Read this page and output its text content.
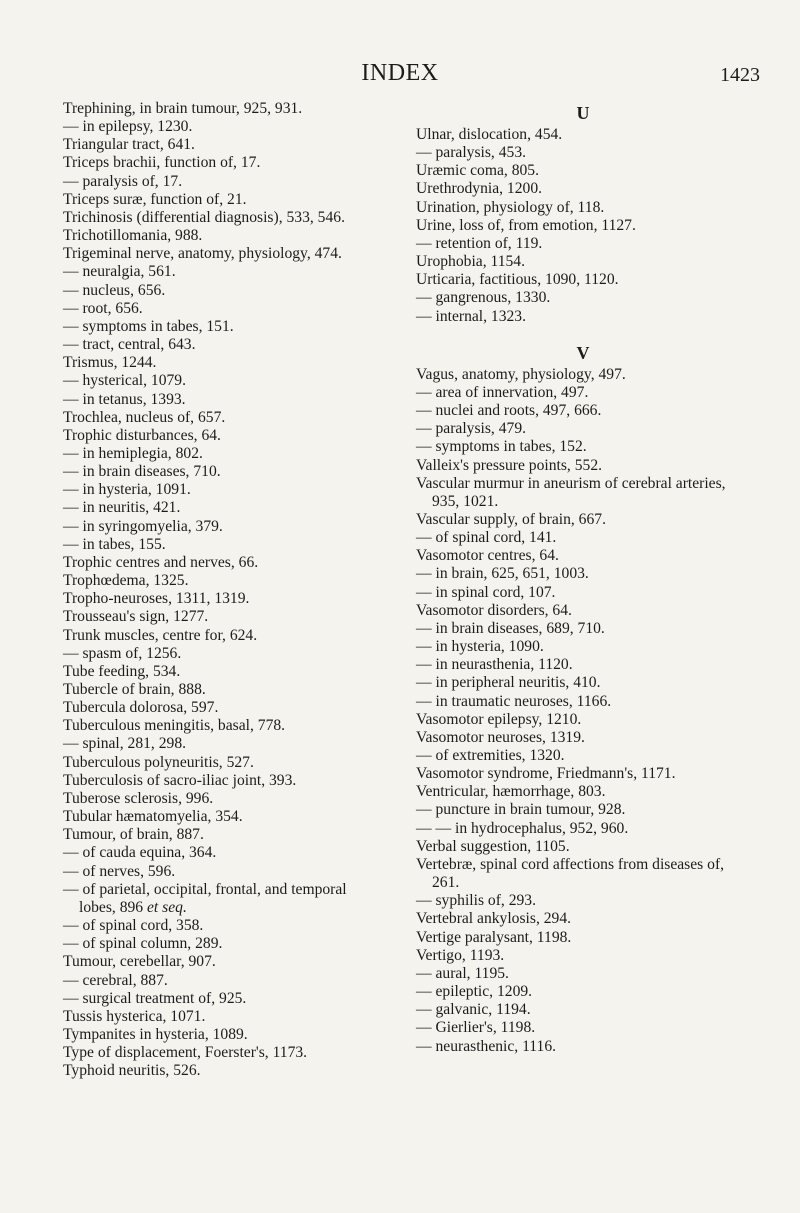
INDEX	1423

Trephining, in brain tumour, 925, 931.

— in epilepsy, 1230.

Triangular tract, 641.

Triceps brachii, function of, 17.

— paralysis of, 17.

Triceps suræ, function of, 21.

Trichinosis (differential diagnosis), 533, 546.

Trichotillomania, 988.

Trigeminal nerve, anatomy, physiology, 474.

— neuralgia, 561.

— nucleus, 656.

— root, 656.

— symptoms in tabes, 151.

— tract, central, 643.

Trismus, 1244.

— hysterical, 1079.

— in tetanus, 1393.

Trochlea, nucleus of, 657.

Trophic disturbances, 64.

— in hemiplegia, 802.

— in brain diseases, 710.

— in hysteria, 1091.

— in neuritis, 421.

— in syringomyelia, 379.

— in tabes, 155.

Trophic centres and nerves, 66.

Trophœdema, 1325.

Tropho-neuroses, 1311, 1319.

Trousseau's sign, 1277.

Trunk muscles, centre for, 624.

— spasm of, 1256.

Tube feeding, 534.

Tubercle of brain, 888.

Tubercula dolorosa, 597.

Tuberculous meningitis, basal, 778.

— spinal, 281, 298.

Tuberculous polyneuritis, 527.

Tuberculosis of sacro-iliac joint, 393.

Tuberose sclerosis, 996.

Tubular hæmatomyelia, 354.

Tumour, of brain, 887.

— of cauda equina, 364.

— of nerves, 596.

— of parietal, occipital, frontal, and temporal lobes, 896 et seq.

— of spinal cord, 358.

— of spinal column, 289.

Tumour, cerebellar, 907.

— cerebral, 887.

— surgical treatment of, 925.

Tussis hysterica, 1071.

Tympanites in hysteria, 1089.

Type of displacement, Foerster's, 1173.

Typhoid neuritis, 526.

U

Ulnar, dislocation, 454.

— paralysis, 453.

Uræmic coma, 805.

Urethrodynia, 1200.

Urination, physiology of, 118.

Urine, loss of, from emotion, 1127.

— retention of, 119.

Urophobia, 1154.

Urticaria, factitious, 1090, 1120.

— gangrenous, 1330.

— internal, 1323.

V

Vagus, anatomy, physiology, 497.

— area of innervation, 497.

— nuclei and roots, 497, 666.

— paralysis, 479.

— symptoms in tabes, 152.

Valleix's pressure points, 552.

Vascular murmur in aneurism of cerebral arteries, 935, 1021.

Vascular supply, of brain, 667.

— of spinal cord, 141.

Vasomotor centres, 64.

— in brain, 625, 651, 1003.

— in spinal cord, 107.

Vasomotor disorders, 64.

— in brain diseases, 689, 710.

— in hysteria, 1090.

— in neurasthenia, 1120.

— in peripheral neuritis, 410.

— in traumatic neuroses, 1166.

Vasomotor epilepsy, 1210.

Vasomotor neuroses, 1319.

— of extremities, 1320.

Vasomotor syndrome, Friedmann's, 1171.

Ventricular, hæmorrhage, 803.

— puncture in brain tumour, 928.

— — in hydrocephalus, 952, 960.

Verbal suggestion, 1105.

Vertebræ, spinal cord affections from diseases of, 261.

— syphilis of, 293.

Vertebral ankylosis, 294.

Vertige paralysant, 1198.

Vertigo, 1193.

— aural, 1195.

— epileptic, 1209.

— galvanic, 1194.

— Gierlier's, 1198.

— neurasthenic, 1116.
